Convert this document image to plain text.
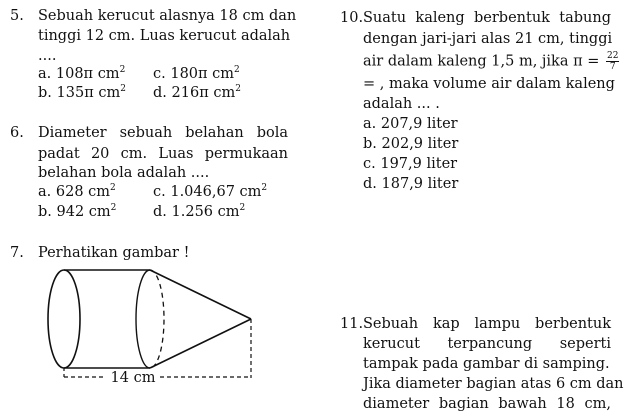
5. Sebuah kerucut alasnya 18 cm dan
tinggi 12 cm. Luas kerucut adalah
....
a. 108π $cm^2$ c. 180π $cm^2$
b. 135π $cm^2$ d. 216π $cm^2$
6. Diameter sebuah belahan bola
padat 20 cm. Luas permukaan
belahan bola adalah ....
a. 628 $cm^2$	c. 1.046,67 $cm^2$
b. 942 $cm^2$	d. 1.256 $cm^2$
7. Perhatikan gambar !
14 cm
10. Suatu kaleng berbentuk tabung
dengan jari-jari alas 21 cm, tinggi
air dalam kaleng 1,5 m, jika $\pi = \frac{22}{7}$
= , maka volume air dalam kaleng
adalah ... .
a. 207,9 liter
b. 202,9 liter
c. 197,9 liter
d. 187,9 liter
11. Sebuah kap lampu berbentuk
kerucut terpancung seperti
tampak pada gambar di samping.
Jika diameter bagian atas 6 cm dan
diameter bagian bawah 18 cm,
